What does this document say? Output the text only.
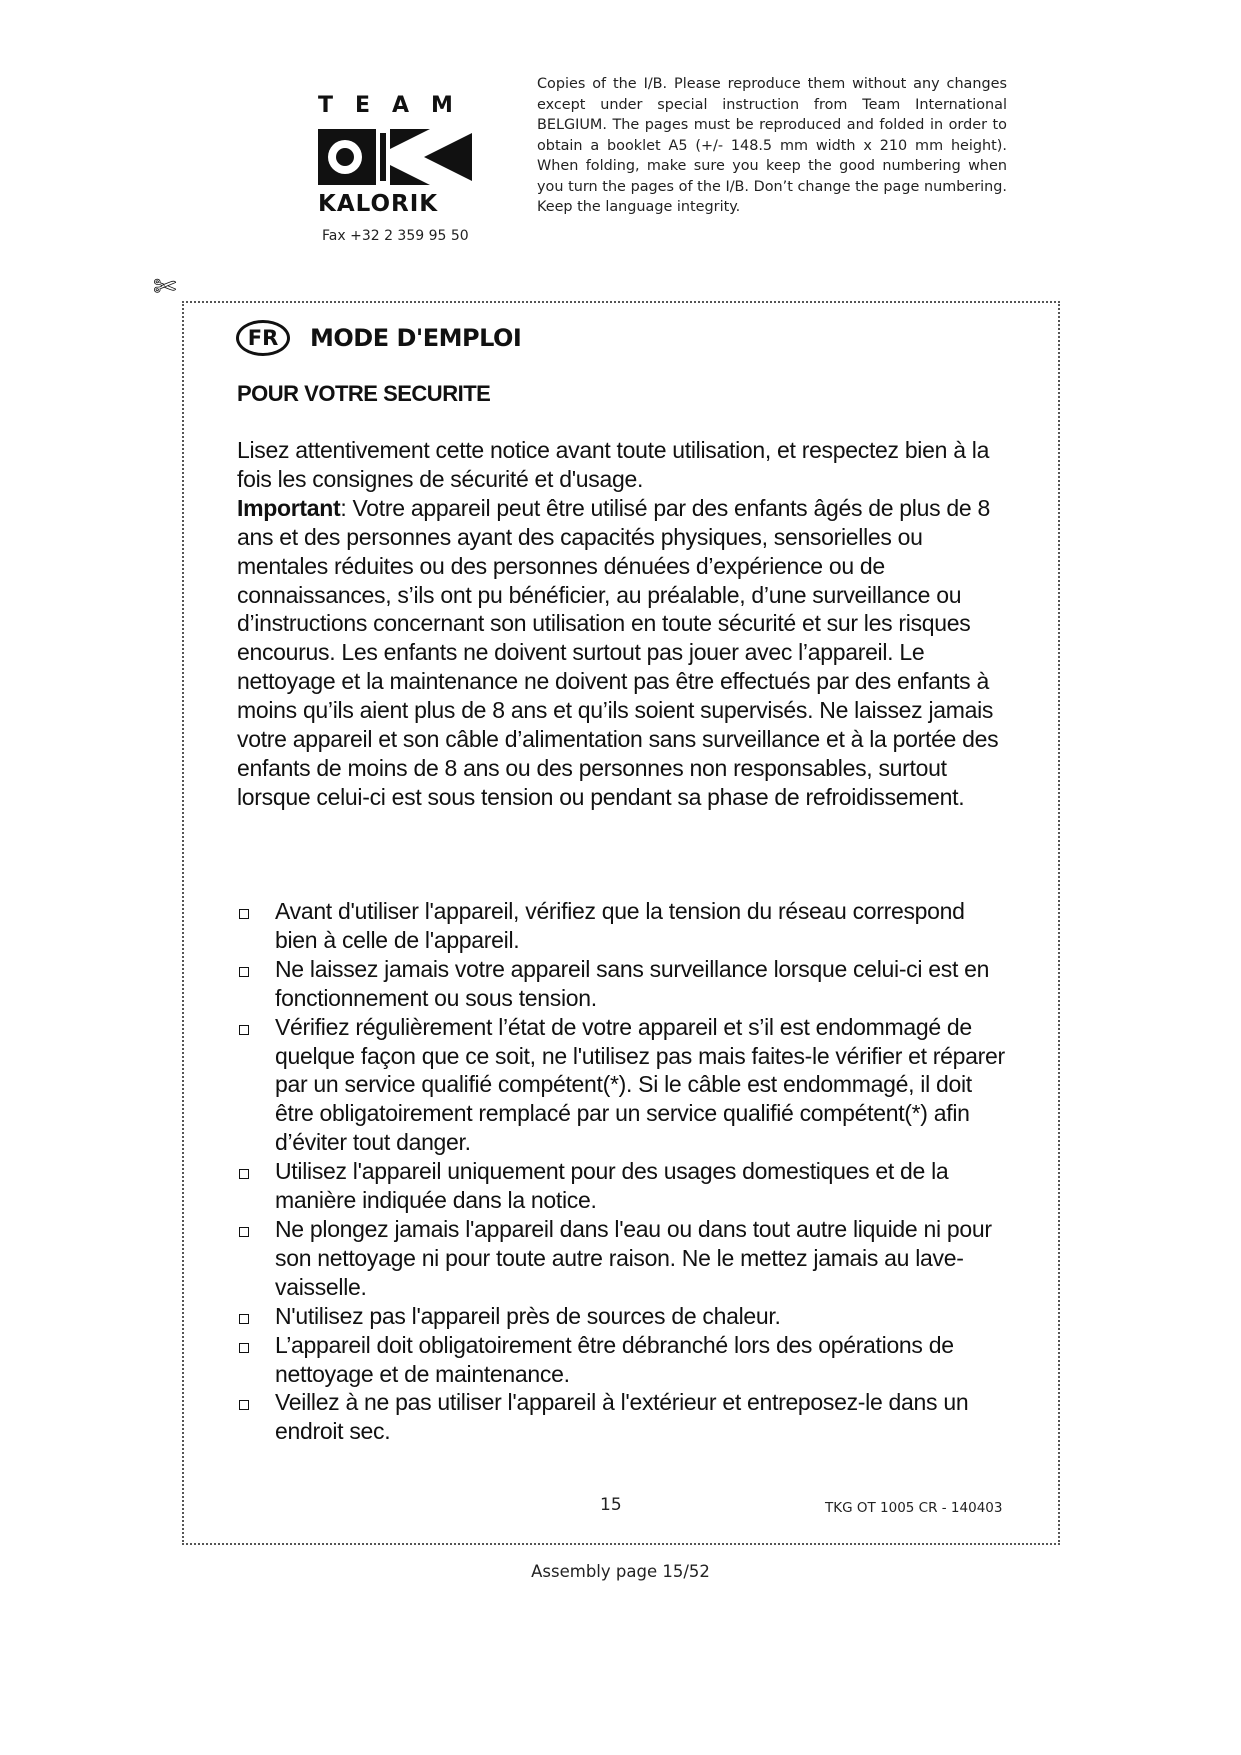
TEAM
KALORIK
Fax +32 2 359 95 50
Copies of the I/B. Please reproduce them without any changes except under special instruction from Team International BELGIUM. The pages must be reproduced and folded in order to obtain a booklet A5 (+/- 148.5 mm width x 210 mm height). When folding, make sure you keep the good numbering when you turn the pages of the I/B. Don’t change the page numbering. Keep the language integrity.
✄
FR	MODE D'EMPLOI
POUR VOTRE SECURITE

Lisez attentivement cette notice avant toute utilisation, et respectez bien à la fois les consignes de sécurité et d'usage.

Important: Votre appareil peut être utilisé par des enfants âgés de plus de 8 ans et des personnes ayant des capacités physiques, sensorielles ou mentales réduites ou des personnes dénuées d’expérience ou de connaissances, s’ils ont pu bénéficier, au préalable, d’une surveillance ou d’instructions concernant son utilisation en toute sécurité et sur les risques encourus. Les enfants ne doivent surtout pas jouer avec l’appareil. Le nettoyage et la maintenance ne doivent pas être effectués par des enfants à moins qu’ils aient plus de 8 ans et qu’ils soient supervisés. Ne laissez jamais votre appareil et son câble d’alimentation sans surveillance et à la portée des enfants de moins de 8 ans ou des personnes non responsables, surtout lorsque celui-ci est sous tension ou pendant sa phase de refroidissement.

Avant d'utiliser l'appareil, vérifiez que la tension du réseau correspond bien à celle de l'appareil.
Ne laissez jamais votre appareil sans surveillance lorsque celui-ci est en fonctionnement ou sous tension.
Vérifiez régulièrement l’état de votre appareil et s’il est endommagé de quelque façon que ce soit, ne l'utilisez pas mais faites-le vérifier et réparer par un service qualifié compétent(*). Si le câble est endommagé, il doit être obligatoirement remplacé par un service qualifié compétent(*) afin d’éviter tout danger.
Utilisez l'appareil uniquement pour des usages domestiques et de la manière indiquée dans la notice.
Ne plongez jamais l'appareil dans l'eau ou dans tout autre liquide ni pour son nettoyage ni pour toute autre raison. Ne le mettez jamais au lave-vaisselle.
N'utilisez pas l'appareil près de sources de chaleur.
L’appareil doit obligatoirement être débranché lors des opérations de nettoyage et de maintenance.
Veillez à ne pas utiliser l'appareil à l'extérieur et entreposez-le dans un endroit sec.
15	TKG OT 1005 CR - 140403
Assembly page 15/52
